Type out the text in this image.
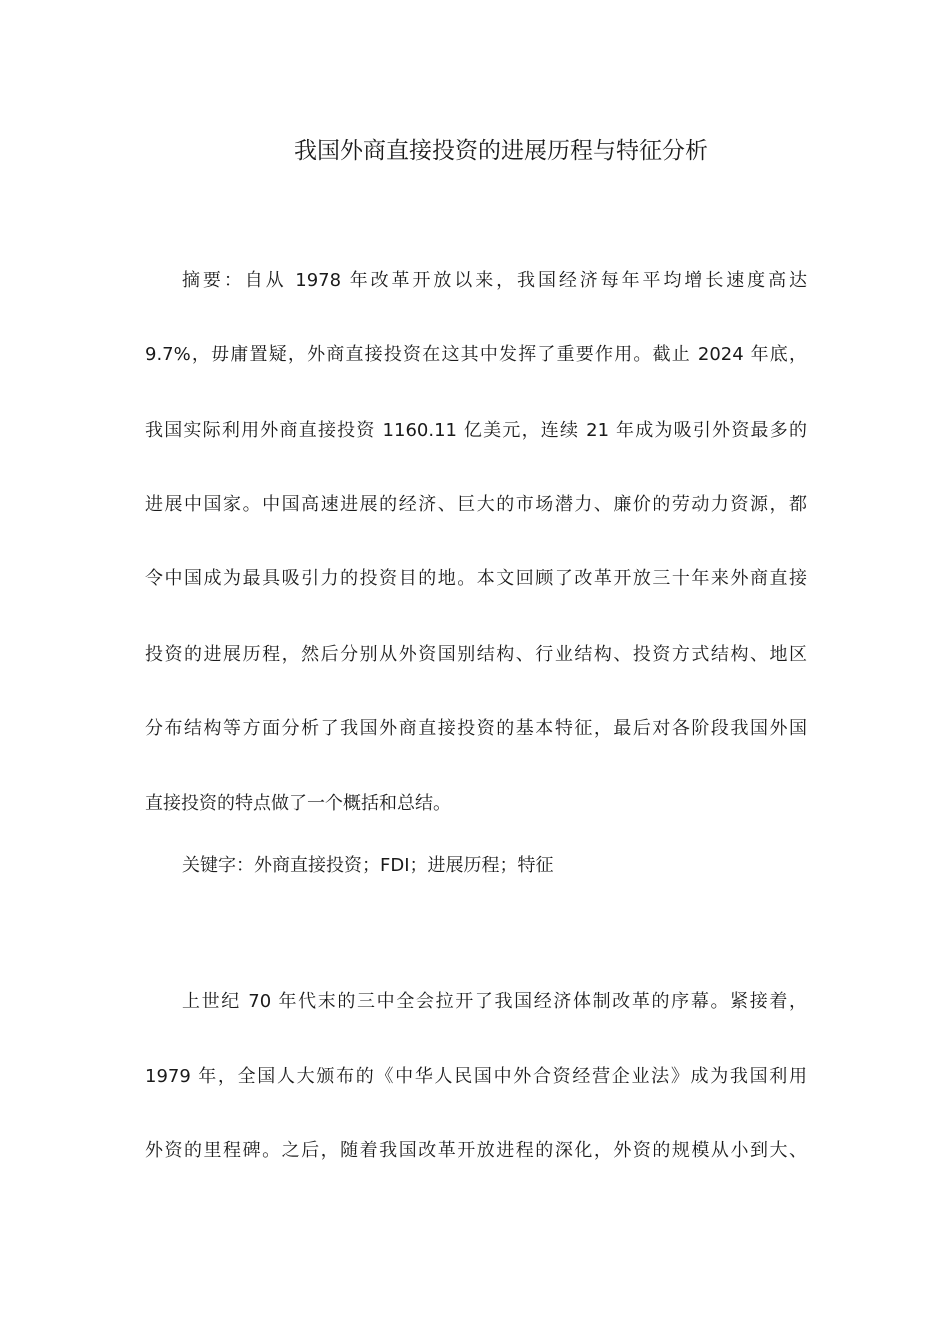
我国外商直接投资的进展历程与特征分析
摘要：自从 1978 年改革开放以来，我国经济每年平均增长速度高达
9.7%，毋庸置疑，外商直接投资在这其中发挥了重要作用。截止 2024 年底，
我国实际利用外商直接投资 1160.11 亿美元，连续 21 年成为吸引外资最多的
进展中国家。中国高速进展的经济、巨大的市场潜力、廉价的劳动力资源，都
令中国成为最具吸引力的投资目的地。本文回顾了改革开放三十年来外商直接
投资的进展历程，然后分别从外资国别结构、行业结构、投资方式结构、地区
分布结构等方面分析了我国外商直接投资的基本特征，最后对各阶段我国外国
直接投资的特点做了一个概括和总结。
关键字：外商直接投资；FDI；进展历程；特征
上世纪 70 年代末的三中全会拉开了我国经济体制改革的序幕。紧接着，
1979 年，全国人大颁布的《中华人民国中外合资经营企业法》成为我国利用
外资的里程碑。之后，随着我国改革开放进程的深化，外资的规模从小到大、
